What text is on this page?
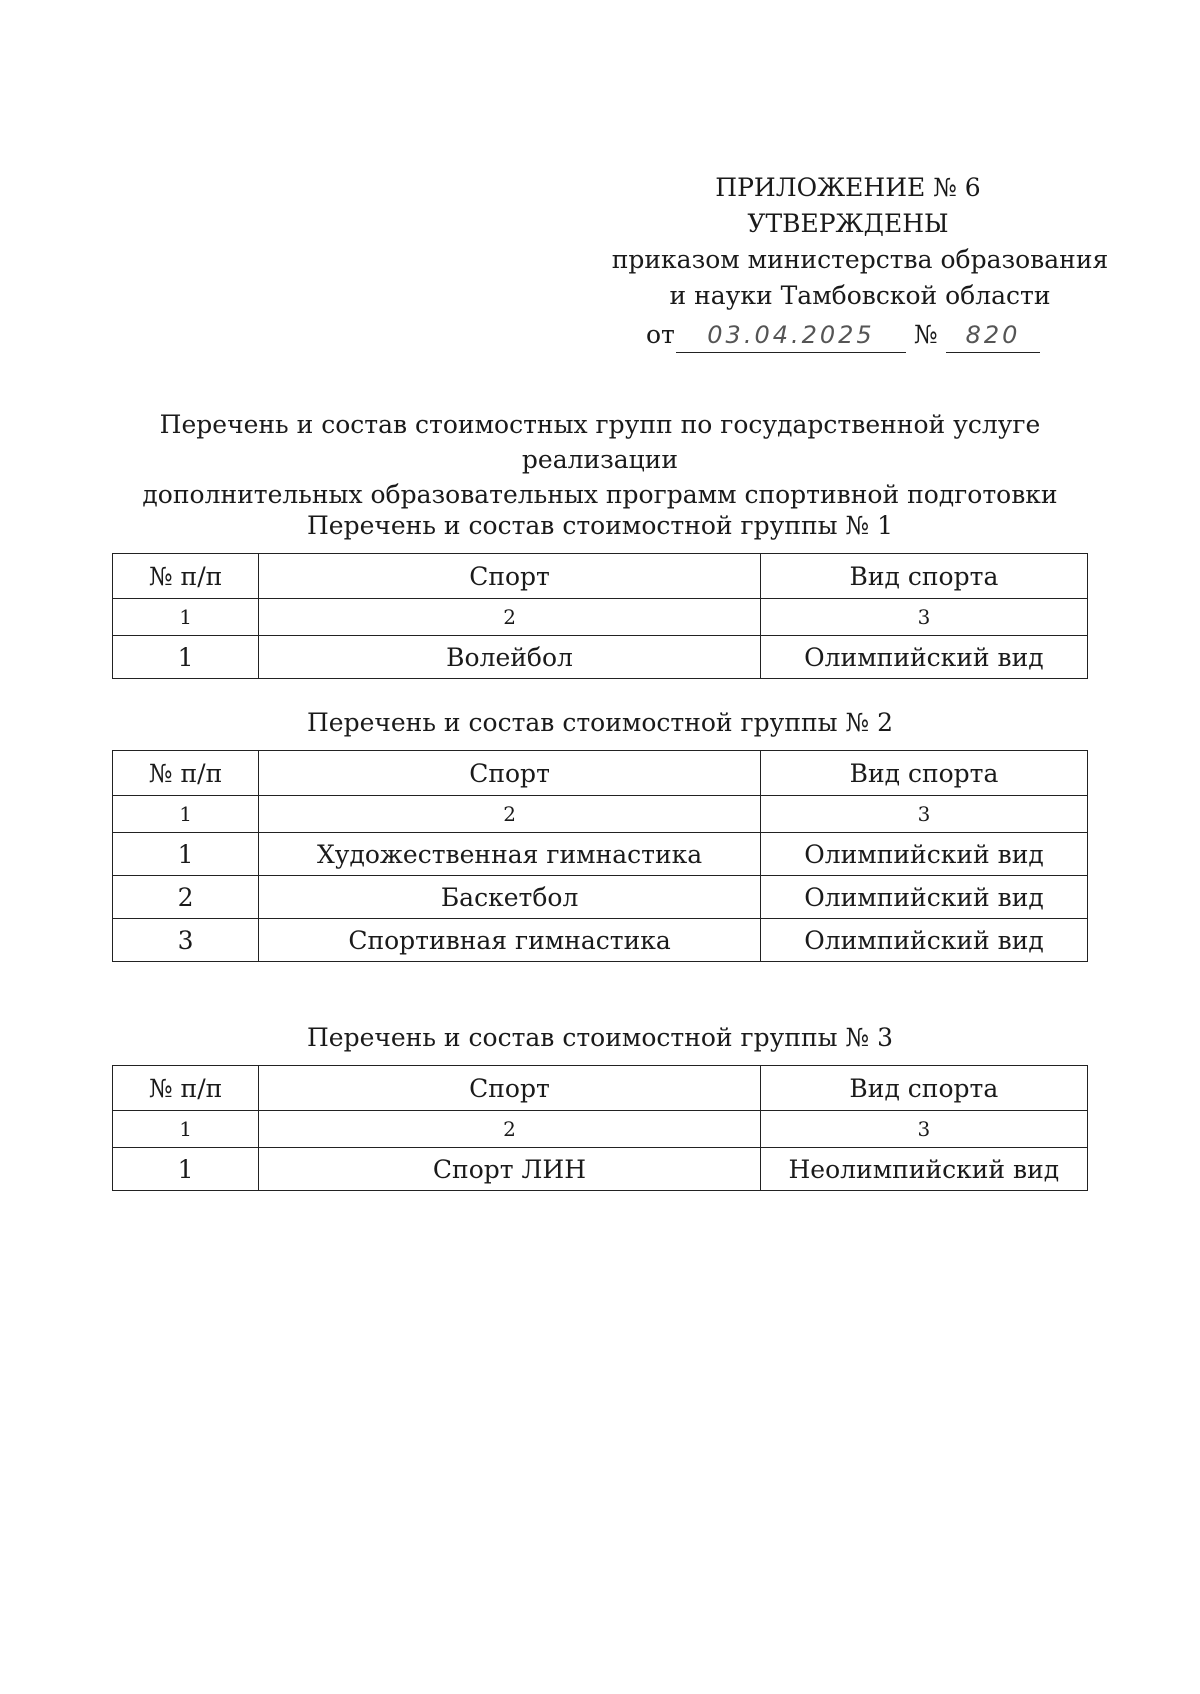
ПРИЛОЖЕНИЕ № 6
УТВЕРЖДЕНЫ
приказом министерства образования
и науки Тамбовской области
от	03.04.2025	№	820
Перечень и состав стоимостных групп по государственной услуге реализации
дополнительных образовательных программ спортивной подготовки
Перечень и состав стоимостной группы № 1
№ п/п	Спорт	Вид спорта
1	2	3
1	Волейбол	Олимпийский вид
Перечень и состав стоимостной группы № 2
№ п/п	Спорт	Вид спорта
1	2	3
1	Художественная гимнастика	Олимпийский вид
2	Баскетбол	Олимпийский вид
3	Спортивная гимнастика	Олимпийский вид
Перечень и состав стоимостной группы № 3
№ п/п	Спорт	Вид спорта
1	2	3
1	Спорт ЛИН	Неолимпийский вид
